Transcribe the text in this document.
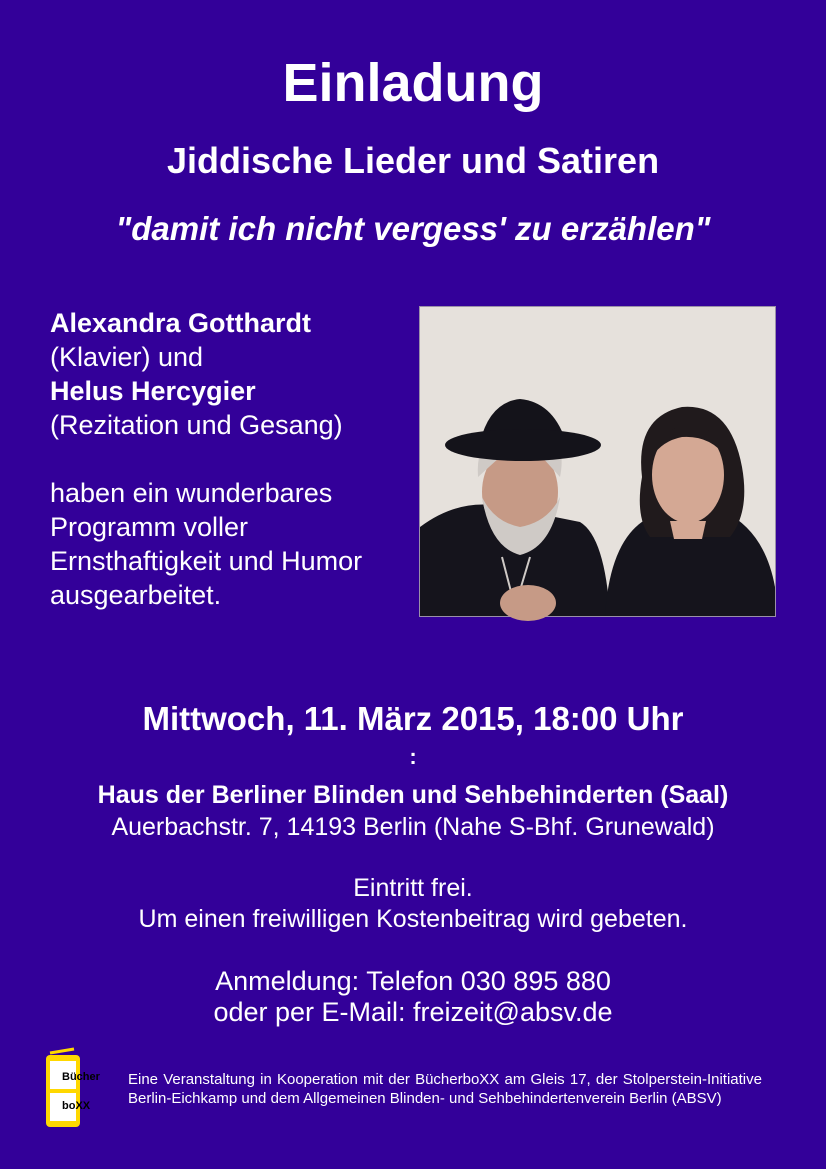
Einladung
Jiddische Lieder und Satiren
"damit ich nicht vergess' zu erzählen"

Alexandra Gotthardt

(Klavier) und

Helus Hercygier

(Rezitation und Gesang)

haben ein wunderbares

Programm voller

Ernsthaftigkeit und Humor

ausgearbeitet.

Mittwoch, 11. März 2015, 18:00 Uhr
:
Haus der Berliner Blinden und Sehbehinderten (Saal)
Auerbachstr. 7, 14193 Berlin (Nahe S-Bhf. Grunewald)
Eintritt frei.
Um einen freiwilligen Kostenbeitrag wird gebeten.
Anmeldung: Telefon 030 895 880
oder per E-Mail: freizeit@absv.de
Bücher
boXX
Eine Veranstaltung in Kooperation mit der BücherboXX am Gleis 17, der Stolperstein-Initiative Berlin-Eichkamp und dem Allgemeinen Blinden- und Sehbehindertenverein Berlin (ABSV)
